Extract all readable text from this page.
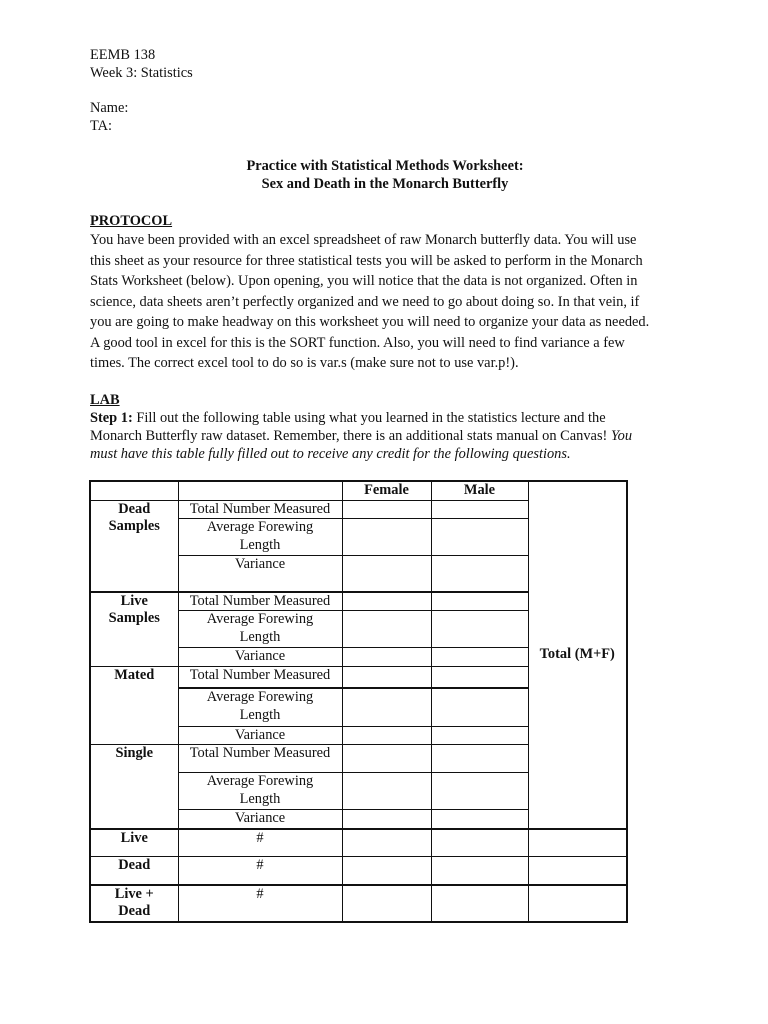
EEMB 138

Week 3: Statistics

Name:

TA:

Practice with Statistical Methods Worksheet:
Sex and Death in the Monarch Butterfly
PROTOCOL

You have been provided with an excel spreadsheet of raw Monarch butterfly data. You will use

this sheet as your resource for three statistical tests you will be asked to perform in the Monarch

Stats Worksheet (below). Upon opening, you will notice that the data is not organized. Often in

science, data sheets aren’t perfectly organized and we need to go about doing so. In that vein, if

you are going to make headway on this worksheet you will need to organize your data as needed.

A good tool in excel for this is the SORT function. Also, you will need to find variance a few

times. The correct excel tool to do so is var.s (make sure not to use var.p!).

LAB

Step 1: Fill out the following table using what you learned in the statistics lecture and the

Monarch Butterfly raw dataset. Remember, there is an additional stats manual on Canvas! You

must have this table fully filled out to receive any credit for the following questions.

		Female	Male	Total (M+F)

Dead
Samples	Total Number Measured			

	Average Forewing
Length			

	Variance			

Live
Samples	Total Number Measured			

	Average Forewing
Length			

	Variance			
Mated	Total Number Measured			

	Average Forewing
Length			

	Variance			
Single	Total Number Measured			

	Average Forewing
Length			

	Variance			
Live	#			
Dead	#			

Live +
Dead	#			
